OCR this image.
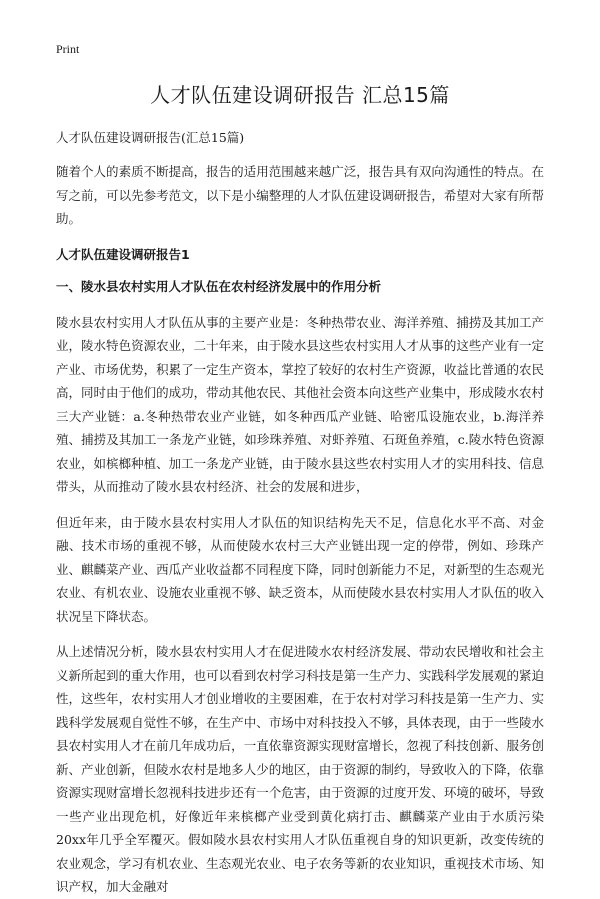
Print
人才队伍建设调研报告 汇总15篇
人才队伍建设调研报告(汇总15篇)

随着个人的素质不断提高，报告的适用范围越来越广泛，报告具有双向沟通性的特点。在写之前，可以先参考范文，以下是小编整理的人才队伍建设调研报告，希望对大家有所帮助。

人才队伍建设调研报告1
一、陵水县农村实用人才队伍在农村经济发展中的作用分析

陵水县农村实用人才队伍从事的主要产业是：冬种热带农业、海洋养殖、捕捞及其加工产业，陵水特色资源农业，二十年来，由于陵水县这些农村实用人才从事的这些产业有一定产业、市场优势，积累了一定生产资本，掌控了较好的农村生产资源，收益比普通的农民高，同时由于他们的成功，带动其他农民、其他社会资本向这些产业集中，形成陵水农村三大产业链：a.冬种热带农业产业链，如冬种西瓜产业链、哈密瓜设施农业，b.海洋养殖、捕捞及其加工一条龙产业链，如珍珠养殖、对虾养殖、石斑鱼养殖，c.陵水特色资源农业，如槟榔种植、加工一条龙产业链，由于陵水县这些农村实用人才的实用科技、信息带头，从而推动了陵水县农村经济、社会的发展和进步，

但近年来，由于陵水县农村实用人才队伍的知识结构先天不足，信息化水平不高、对金融、技术市场的重视不够，从而使陵水农村三大产业链出现一定的停带，例如、珍珠产业、麒麟菜产业、西瓜产业收益都不同程度下降，同时创新能力不足，对新型的生态观光农业、有机农业、设施农业重视不够、缺乏资本，从而使陵水县农村实用人才队伍的收入状况呈下降状态。

从上述情况分析，陵水县农村实用人才在促进陵水农村经济发展、带动农民增收和社会主义新所起到的重大作用，也可以看到农村学习科技是第一生产力、实践科学发展观的紧迫性，这些年，农村实用人才创业增收的主要困难，在于农村对学习科技是第一生产力、实践科学发展观自觉性不够，在生产中、市场中对科技投入不够，具体表现，由于一些陵水县农村实用人才在前几年成功后，一直依靠资源实现财富增长，忽视了科技创新、服务创新、产业创新，但陵水农村是地多人少的地区，由于资源的制约，导致收入的下降，依靠资源实现财富增长忽视科技进步还有一个危害，由于资源的过度开发、环境的破坏，导致一些产业出现危机，好像近年来槟榔产业受到黄化病打击、麒麟菜产业由于水质污染20xx年几乎全军覆灭。假如陵水县农村实用人才队伍重视自身的知识更新，改变传统的农业观念，学习有机农业、生态观光农业、电子农务等新的农业知识，重视技术市场、知识产权，加大金融对
